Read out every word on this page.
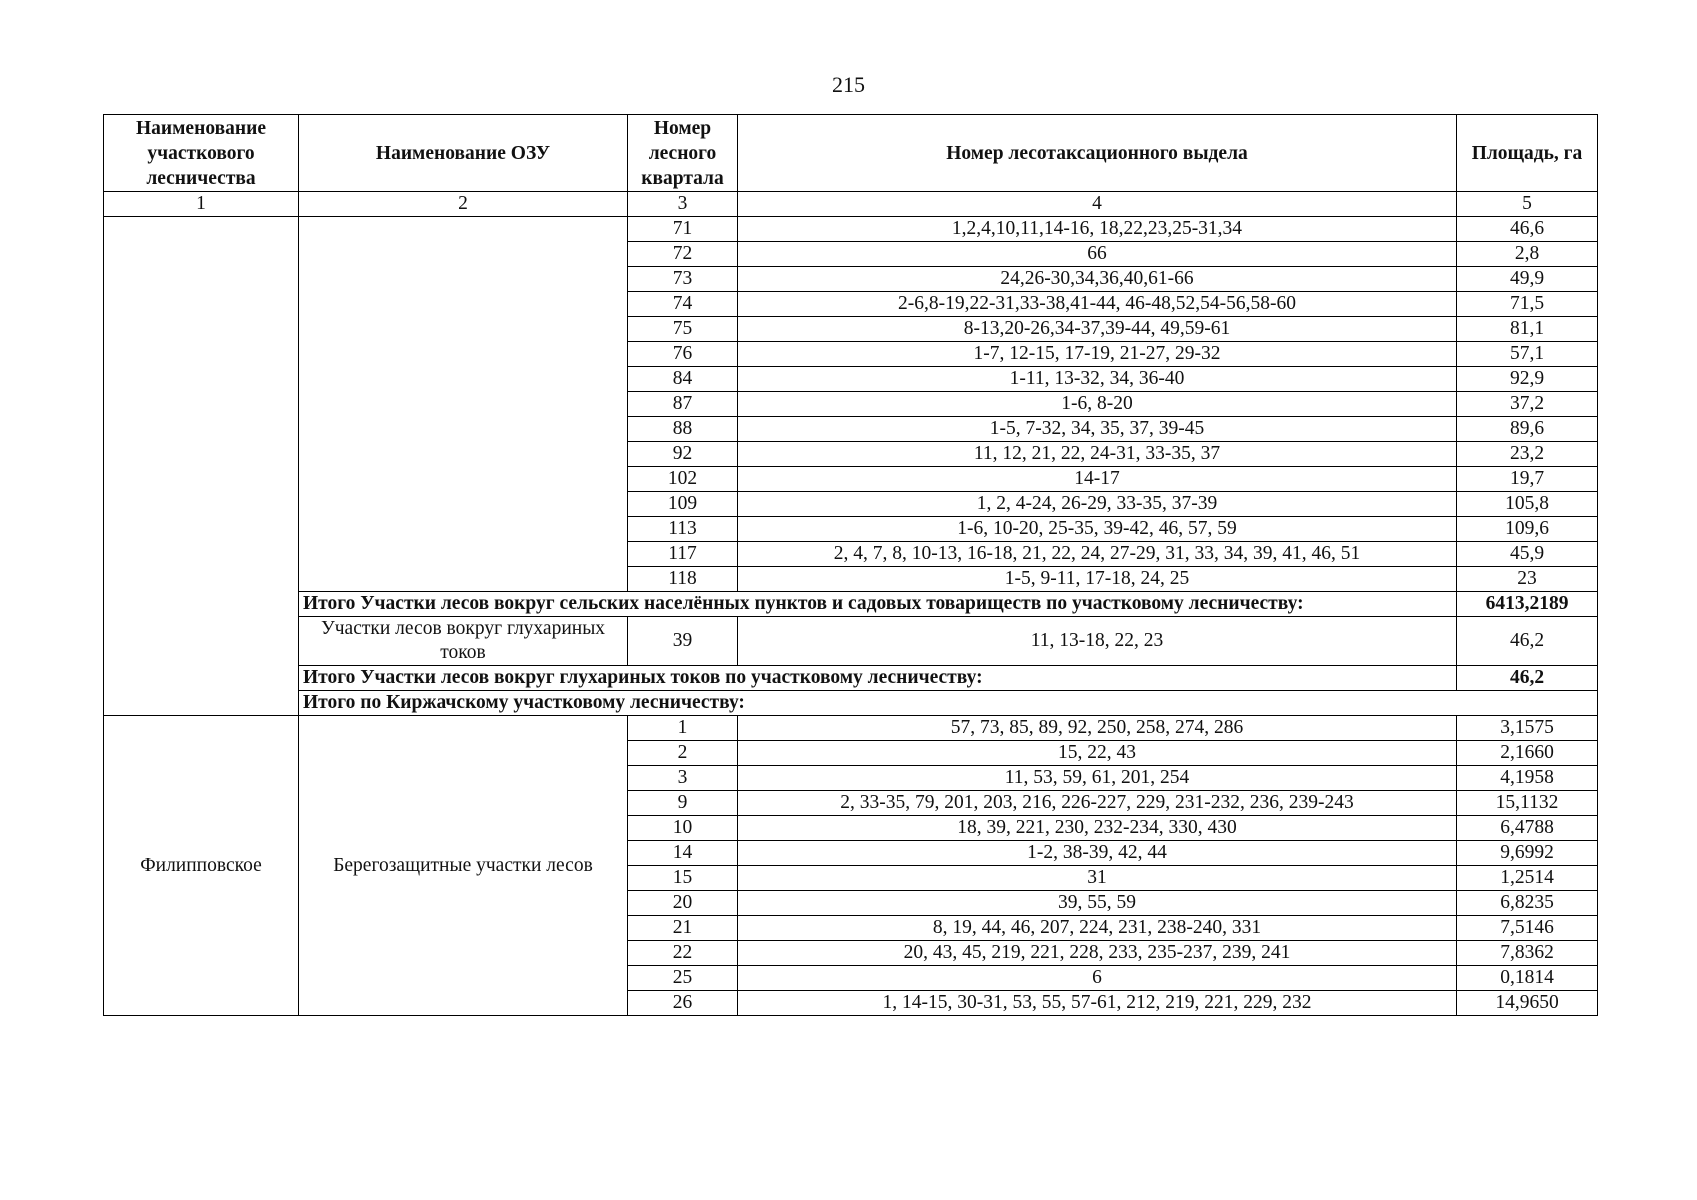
215
Наименование участкового лесничества	Наименование ОЗУ	Номер лесного квартала	Номер лесотаксационного выдела	Площадь, га	
1	2	3	4	5	
		71	1,2,4,10,11,14-16, 18,22,23,25-31,34	46,6	
		72	66	2,8	
		73	24,26-30,34,36,40,61-66	49,9	
		74	2-6,8-19,22-31,33-38,41-44, 46-48,52,54-56,58-60	71,5	
		75	8-13,20-26,34-37,39-44, 49,59-61	81,1	
		76	1-7, 12-15, 17-19, 21-27, 29-32	57,1	
		84	1-11, 13-32, 34, 36-40	92,9	
		87	1-6, 8-20	37,2	
		88	1-5, 7-32, 34, 35, 37, 39-45	89,6	
		92	11, 12, 21, 22, 24-31, 33-35, 37	23,2	
		102	14-17	19,7	
		109	1, 2, 4-24, 26-29, 33-35, 37-39	105,8	
		113	1-6, 10-20, 25-35, 39-42, 46, 57, 59	109,6	
		117	2, 4, 7, 8, 10-13, 16-18, 21, 22, 24, 27-29, 31, 33, 34, 39, 41, 46, 51	45,9	
		118	1-5, 9-11, 17-18, 24, 25	23	
	Итого Участки лесов вокруг сельских населённых пунктов и садовых товариществ по участковому лесничеству:			6413,2189	
	Участки лесов вокруг глухариных токов	39	11, 13-18, 22, 23	46,2	
	Итого Участки лесов вокруг глухариных токов по участковому лесничеству:			46,2	
	Итого по Киржачскому участковому лесничеству:	
Филипповское	Берегозащитные участки лесов	1	57, 73, 85, 89, 92, 250, 258, 274, 286	3,1575	
		2	15, 22, 43	2,1660	
		3	11, 53, 59, 61, 201, 254	4,1958	
		9	2, 33-35, 79, 201, 203, 216, 226-227, 229, 231-232, 236, 239-243	15,1132	
		10	18, 39, 221, 230, 232-234, 330, 430	6,4788	
		14	1-2, 38-39, 42, 44	9,6992	
		15	31	1,2514	
		20	39, 55, 59	6,8235	
		21	8, 19, 44, 46, 207, 224, 231, 238-240, 331	7,5146	
		22	20, 43, 45, 219, 221, 228, 233, 235-237, 239, 241	7,8362	
		25	6	0,1814	
		26	1, 14-15, 30-31, 53, 55, 57-61, 212, 219, 221, 229, 232	14,9650	
